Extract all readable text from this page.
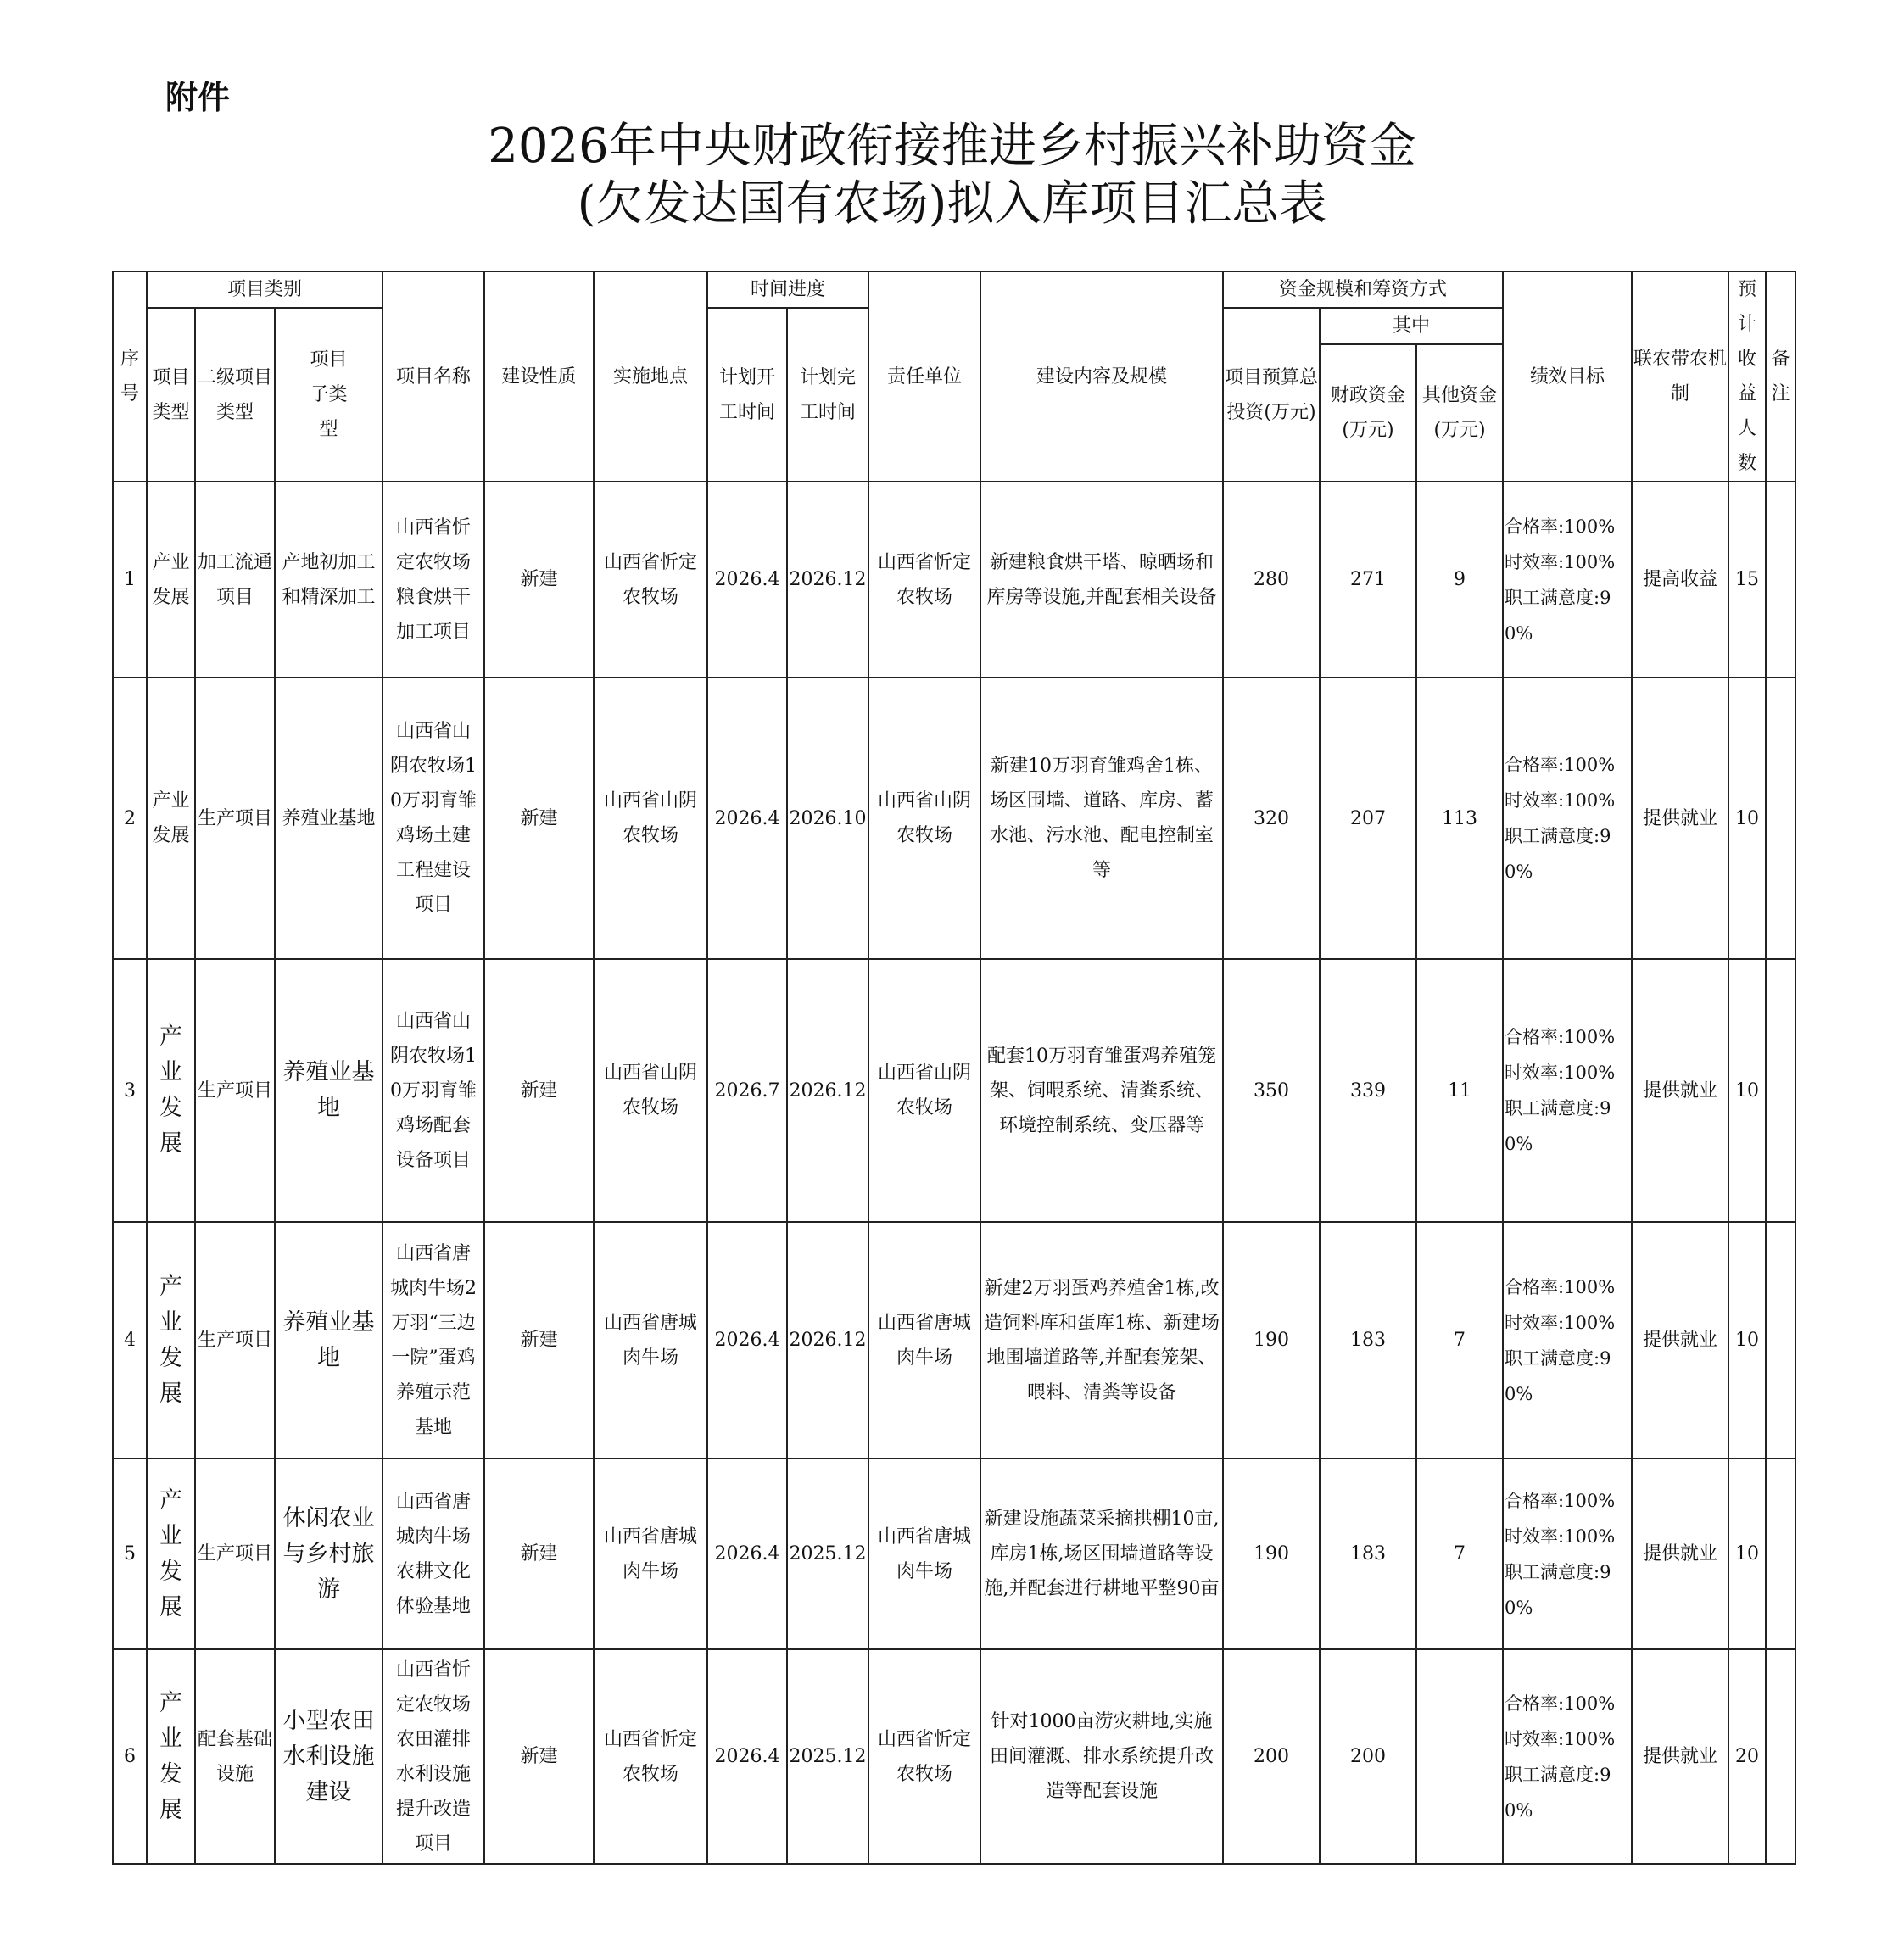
附件
2026年中央财政衔接推进乡村振兴补助资金
(欠发达国有农场)拟入库项目汇总表
序号	项目类别			项目名称	建设性质	实施地点	时间进度		责任单位	建设内容及规模	资金规模和筹资方式			绩效目标	联农带农机制	预计收益人数	备注
	项目类型	二级项目类型	项目子类型				计划开工时间	计划完工时间			项目预算总投资(万元)	其中					
												财政资金(万元)	其他资金(万元)				
1	产业发展	加工流通项目	产地初加工和精深加工	山西省忻定农牧场粮食烘干加工项目	新建	山西省忻定农牧场	2026.4	2026.12	山西省忻定农牧场	新建粮食烘干塔、晾晒场和库房等设施,并配套相关设备	280	271	9	合格率:100% 时效率:100% 职工满意度:90%	提高收益	15	
2	产业发展	生产项目	养殖业基地	山西省山阴农牧场10万羽育雏鸡场土建工程建设项目	新建	山西省山阴农牧场	2026.4	2026.10	山西省山阴农牧场	新建10万羽育雏鸡舍1栋、场区围墙、道路、库房、蓄水池、污水池、配电控制室等	320	207	113	合格率:100% 时效率:100% 职工满意度:90%	提供就业	10	
3	产业发展	生产项目	养殖业基地	山西省山阴农牧场10万羽育雏鸡场配套设备项目	新建	山西省山阴农牧场	2026.7	2026.12	山西省山阴农牧场	配套10万羽育雏蛋鸡养殖笼架、饲喂系统、清粪系统、环境控制系统、变压器等	350	339	11	合格率:100% 时效率:100% 职工满意度:90%	提供就业	10	
4	产业发展	生产项目	养殖业基地	山西省唐城肉牛场2万羽“三边一院”蛋鸡养殖示范基地	新建	山西省唐城肉牛场	2026.4	2026.12	山西省唐城肉牛场	新建2万羽蛋鸡养殖舍1栋,改造饲料库和蛋库1栋、新建场地围墙道路等,并配套笼架、喂料、清粪等设备	190	183	7	合格率:100% 时效率:100% 职工满意度:90%	提供就业	10	
5	产业发展	生产项目	休闲农业与乡村旅游	山西省唐城肉牛场农耕文化体验基地	新建	山西省唐城肉牛场	2026.4	2025.12	山西省唐城肉牛场	新建设施蔬菜采摘拱棚10亩,库房1栋,场区围墙道路等设施,并配套进行耕地平整90亩	190	183	7	合格率:100% 时效率:100% 职工满意度:90%	提供就业	10	
6	产业发展	配套基础设施	小型农田水利设施建设	山西省忻定农牧场农田灌排水利设施提升改造项目	新建	山西省忻定农牧场	2026.4	2025.12	山西省忻定农牧场	针对1000亩涝灾耕地,实施田间灌溉、排水系统提升改造等配套设施	200	200		合格率:100% 时效率:100% 职工满意度:90%	提供就业	20	
